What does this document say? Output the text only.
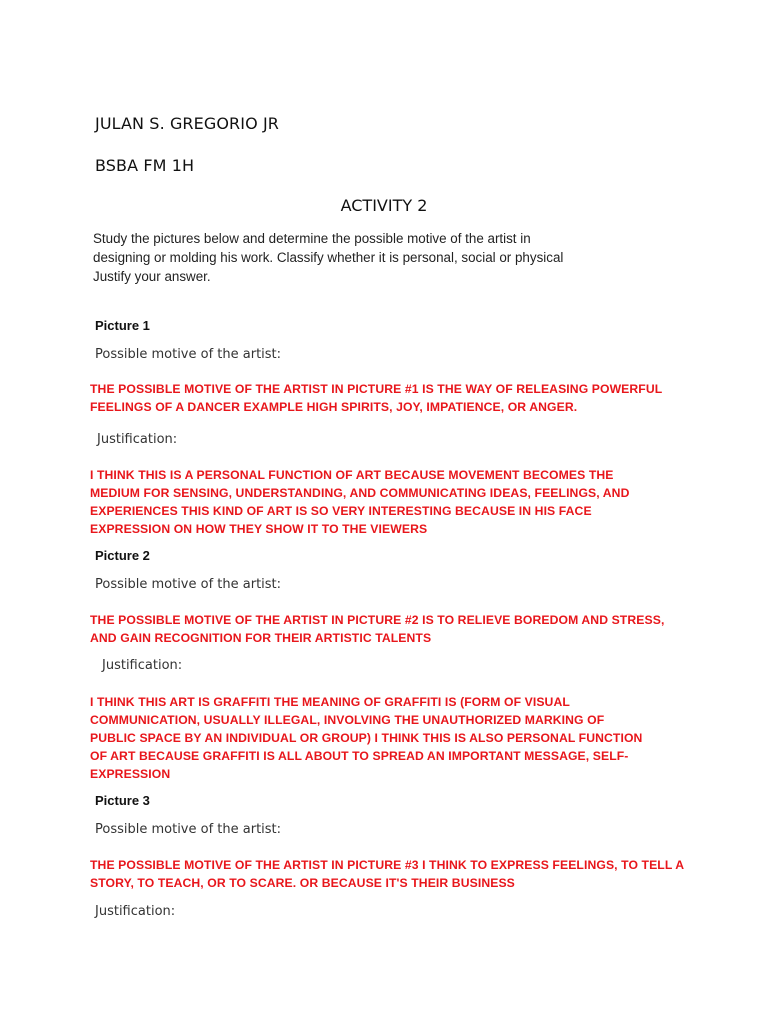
JULAN S. GREGORIO JR

BSBA FM 1H

ACTIVITY 2

Study the pictures below and determine the possible motive of the artist in
designing or molding his work. Classify whether it is personal, social or physical
Justify your answer.

Picture 1

Possible motive of the artist:

THE POSSIBLE MOTIVE OF THE ARTIST IN PICTURE #1 IS THE WAY OF RELEASING POWERFUL
FEELINGS OF A DANCER EXAMPLE HIGH SPIRITS, JOY, IMPATIENCE, OR ANGER.

Justification:

I THINK THIS IS A PERSONAL FUNCTION OF ART BECAUSE MOVEMENT BECOMES THE
MEDIUM FOR SENSING, UNDERSTANDING, AND COMMUNICATING IDEAS, FEELINGS, AND
EXPERIENCES THIS KIND OF ART IS SO VERY INTERESTING BECAUSE IN HIS FACE
EXPRESSION ON HOW THEY SHOW IT TO THE VIEWERS

Picture 2

Possible motive of the artist:

THE POSSIBLE MOTIVE OF THE ARTIST IN PICTURE #2 IS TO RELIEVE BOREDOM AND STRESS,
AND GAIN RECOGNITION FOR THEIR ARTISTIC TALENTS

Justification:

I THINK THIS ART IS GRAFFITI THE MEANING OF GRAFFITI IS (FORM OF VISUAL
COMMUNICATION, USUALLY ILLEGAL, INVOLVING THE UNAUTHORIZED MARKING OF
PUBLIC SPACE BY AN INDIVIDUAL OR GROUP) I THINK THIS IS ALSO PERSONAL FUNCTION
OF ART BECAUSE GRAFFITI IS ALL ABOUT TO SPREAD AN IMPORTANT MESSAGE, SELF-
EXPRESSION

Picture 3

Possible motive of the artist:

THE POSSIBLE MOTIVE OF THE ARTIST IN PICTURE #3 I THINK TO EXPRESS FEELINGS, TO TELL A
STORY, TO TEACH, OR TO SCARE. OR BECAUSE IT'S THEIR BUSINESS

Justification:
